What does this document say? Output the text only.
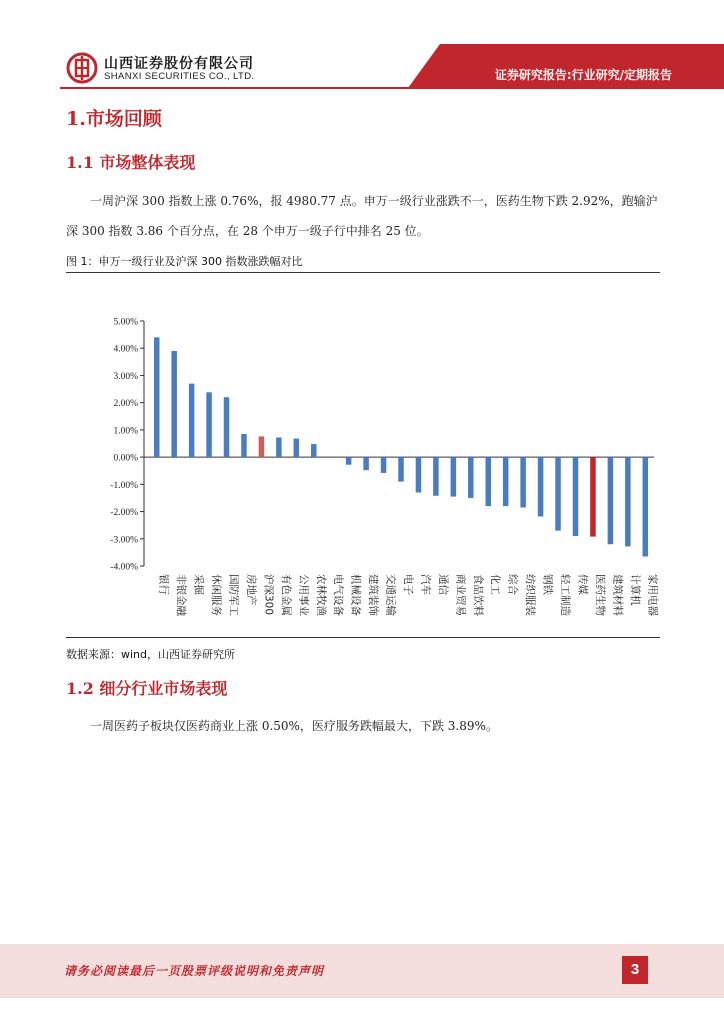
山西证券股份有限公司
SHANXI SECURITIES CO., LTD.	证券研究报告:行业研究/定期报告
1.市场回顾
1.1 市场整体表现
一周沪深 300 指数上涨 0.76%，报 4980.77 点。申万一级行业涨跌不一，医药生物下跌 2.92%，跑输沪深 300 指数 3.86 个百分点，在 28 个申万一级子行中排名 25 位。
图 1：申万一级行业及沪深 300 指数涨跌幅对比
5.00%
4.00%
3.00%
2.00%
1.00%
0.00%
-1.00%
-2.00%
-3.00%
-4.00%
银行 非银金融 采掘 休闲服务 国防军工 房地产 沪深300 有色金属 公用事业 农林牧渔 电气设备 机械设备 建筑装饰 交通运输 电子 汽车 通信 商业贸易 食品饮料 化工 综合 纺织服装 钢铁 轻工制造 传媒 医药生物 建筑材料 计算机 家用电器
数据来源：wind，山西证券研究所
1.2 细分行业市场表现
一周医药子板块仅医药商业上涨 0.50%，医疗服务跌幅最大，下跌 3.89%。
请务必阅读最后一页股票评级说明和免责声明	3
